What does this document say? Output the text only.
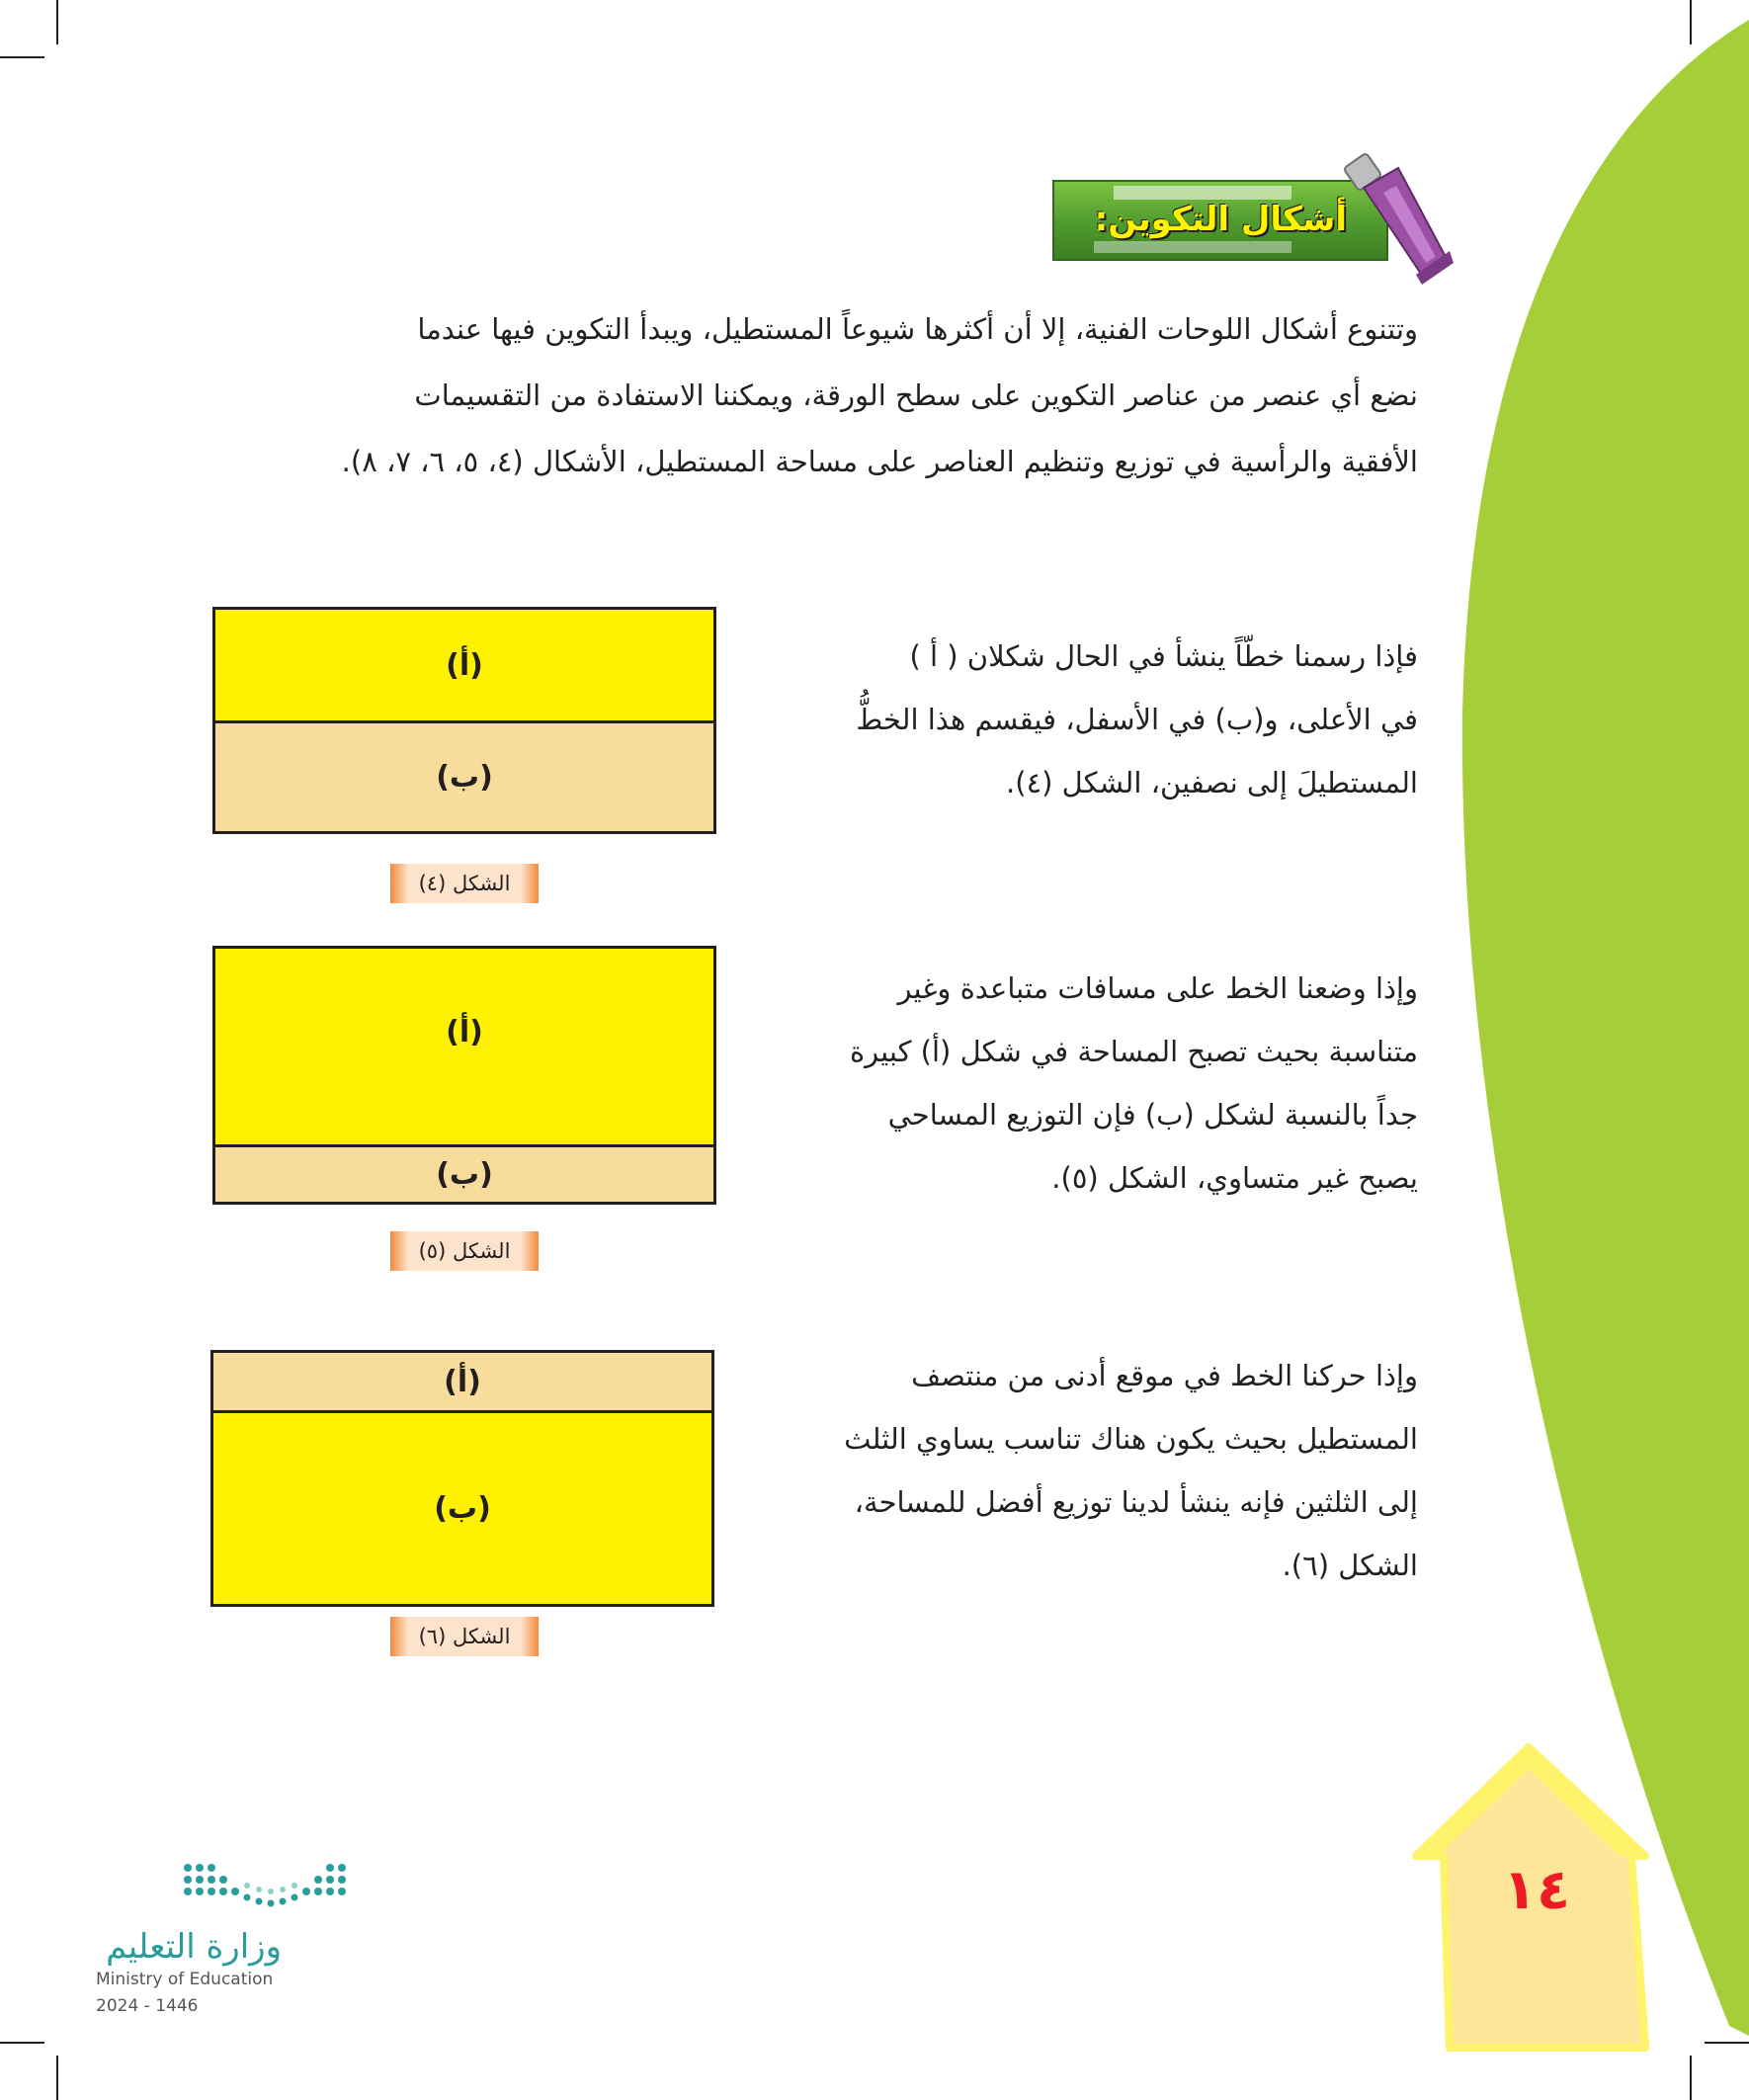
أشكال التكوين:
وتتنوع أشكال اللوحات الفنية، إلا أن أكثرها شيوعاً المستطيل، ويبدأ التكوين فيها عندما
نضع أي عنصر من عناصر التكوين على سطح الورقة، ويمكننا الاستفادة من التقسيمات
الأفقية والرأسية في توزيع وتنظيم العناصر على مساحة المستطيل، الأشكال (٤، ٥، ٦، ٧، ٨).
فإذا رسمنا خطّاً ينشأ في الحال شكلان ( أ )
في الأعلى، و(ب) في الأسفل، فيقسم هذا الخطُّ
المستطيلَ إلى نصفين، الشكل (٤).
(أ)
(ب)
الشكل (٤)
وإذا وضعنا الخط على مسافات متباعدة وغير
متناسبة بحيث تصبح المساحة في شكل (أ) كبيرة
جداً بالنسبة لشكل (ب) فإن التوزيع المساحي
يصبح غير متساوي، الشكل (٥).
(أ)
(ب)
الشكل (٥)
وإذا حركنا الخط في موقع أدنى من منتصف
المستطيل بحيث يكون هناك تناسب يساوي الثلث
إلى الثلثين فإنه ينشأ لدينا توزيع أفضل للمساحة،
الشكل (٦).
(أ)
(ب)
الشكل (٦)
١٤
وزارة التعليم
Ministry of Education
2024 - 1446
